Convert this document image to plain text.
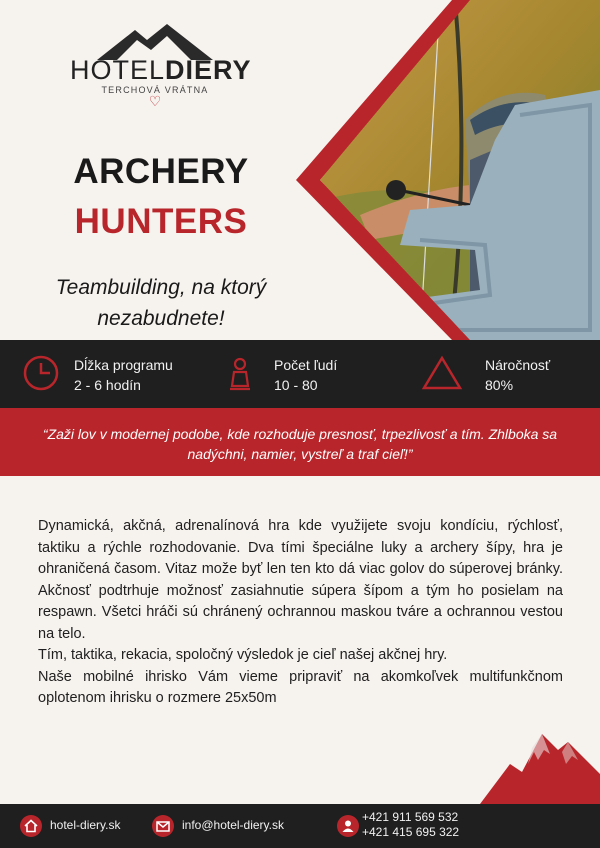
HOTELDIERY
TERCHOVÁ VRÁTNA
♡
ARCHERY
HUNTERS
Teambuilding, na ktorý nezabudnete!
Dĺžka programu
2 - 6 hodín
Počet ľudí
10 - 80
Náročnosť
80%

“Zaži lov v modernej podobe, kde rozhoduje presnosť, trpezlivosť a tím. Zhlboka sa nadýchni, namier, vystreľ a traf cieľ!”

Dynamická, akčná, adrenalínová hra kde využijete svoju kondíciu, rýchlosť, taktiku a rýchle rozhodovanie. Dva tími špeciálne luky a archery šípy, hra je ohraničená časom. Vitaz može byť len ten kto dá viac golov do súperovej bránky. Akčnosť podtrhuje možnosť zasiahnutie súpera šípom a tým ho posielam na respawn. Všetci hráči sú chránený ochrannou maskou tváre a ochrannou vestou na telo.

Tím, taktika, rekacia, spoločný výsledok je cieľ našej akčnej hry.

Naše mobilné ihrisko Vám vieme pripraviť na akomkoľvek multifunkčnom oplotenom ihrisku o rozmere 25x50m

hotel-diery.sk	info@hotel-diery.sk
+421 911 569 532
+421 415 695 322
